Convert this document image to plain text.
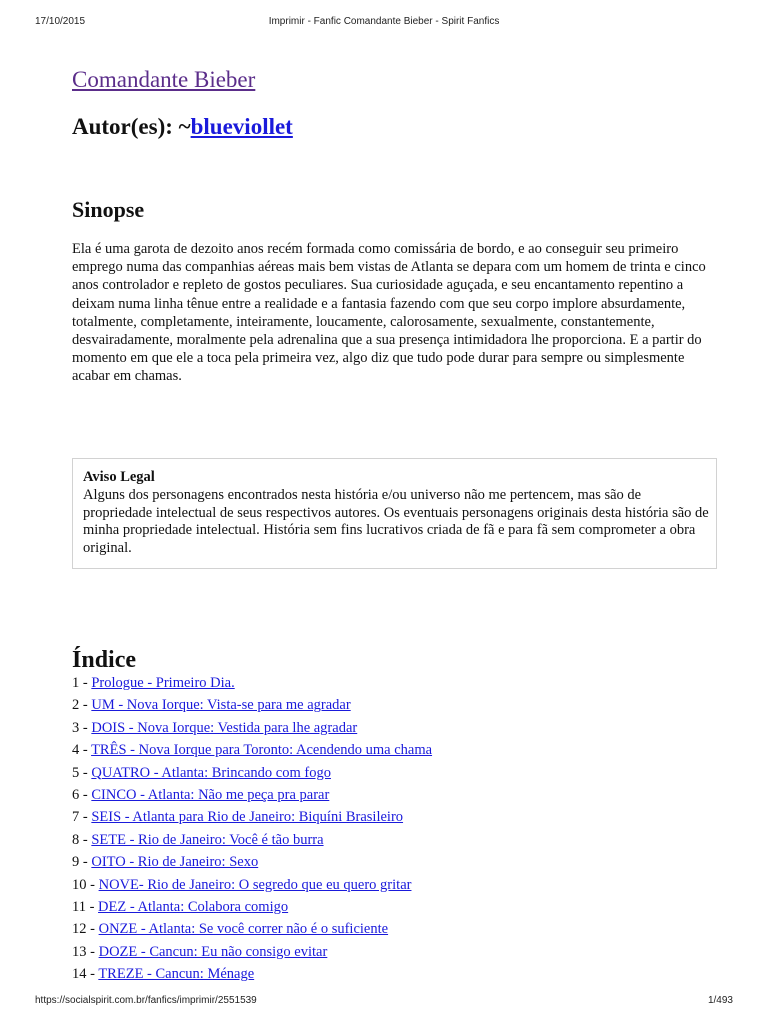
17/10/2015	Imprimir - Fanfic Comandante Bieber - Spirit Fanfics
Comandante Bieber
Autor(es): ~blueviollet
Sinopse
Ela é uma garota de dezoito anos recém formada como comissária de bordo, e ao conseguir seu primeiro emprego numa das companhias aéreas mais bem vistas de Atlanta se depara com um homem de trinta e cinco anos controlador e repleto de gostos peculiares. Sua curiosidade aguçada, e seu encantamento repentino a deixam numa linha tênue entre a realidade e a fantasia fazendo com que seu corpo implore absurdamente, totalmente, completamente, inteiramente, loucamente, calorosamente, sexualmente, constantemente, desvairadamente, moralmente pela adrenalina que a sua presença intimidadora lhe proporciona. E a partir do momento em que ele a toca pela primeira vez, algo diz que tudo pode durar para sempre ou simplesmente acabar em chamas.
Aviso Legal
Alguns dos personagens encontrados nesta história e/ou universo não me pertencem, mas são de propriedade intelectual de seus respectivos autores. Os eventuais personagens originais desta história são de minha propriedade intelectual. História sem fins lucrativos criada de fã e para fã sem comprometer a obra original.
Índice
1 - Prologue - Primeiro Dia.
2 - UM - Nova Iorque: Vista-se para me agradar
3 - DOIS - Nova Iorque: Vestida para lhe agradar
4 - TRÊS - Nova Iorque para Toronto: Acendendo uma chama
5 - QUATRO - Atlanta: Brincando com fogo
6 - CINCO - Atlanta: Não me peça pra parar
7 - SEIS - Atlanta para Rio de Janeiro: Biquíni Brasileiro
8 - SETE - Rio de Janeiro: Você é tão burra
9 - OITO - Rio de Janeiro: Sexo
10 - NOVE- Rio de Janeiro: O segredo que eu quero gritar
11 - DEZ - Atlanta: Colabora comigo
12 - ONZE - Atlanta: Se você correr não é o suficiente
13 - DOZE - Cancun: Eu não consigo evitar
14 - TREZE - Cancun: Ménage
https://socialspirit.com.br/fanfics/imprimir/2551539	1/493
